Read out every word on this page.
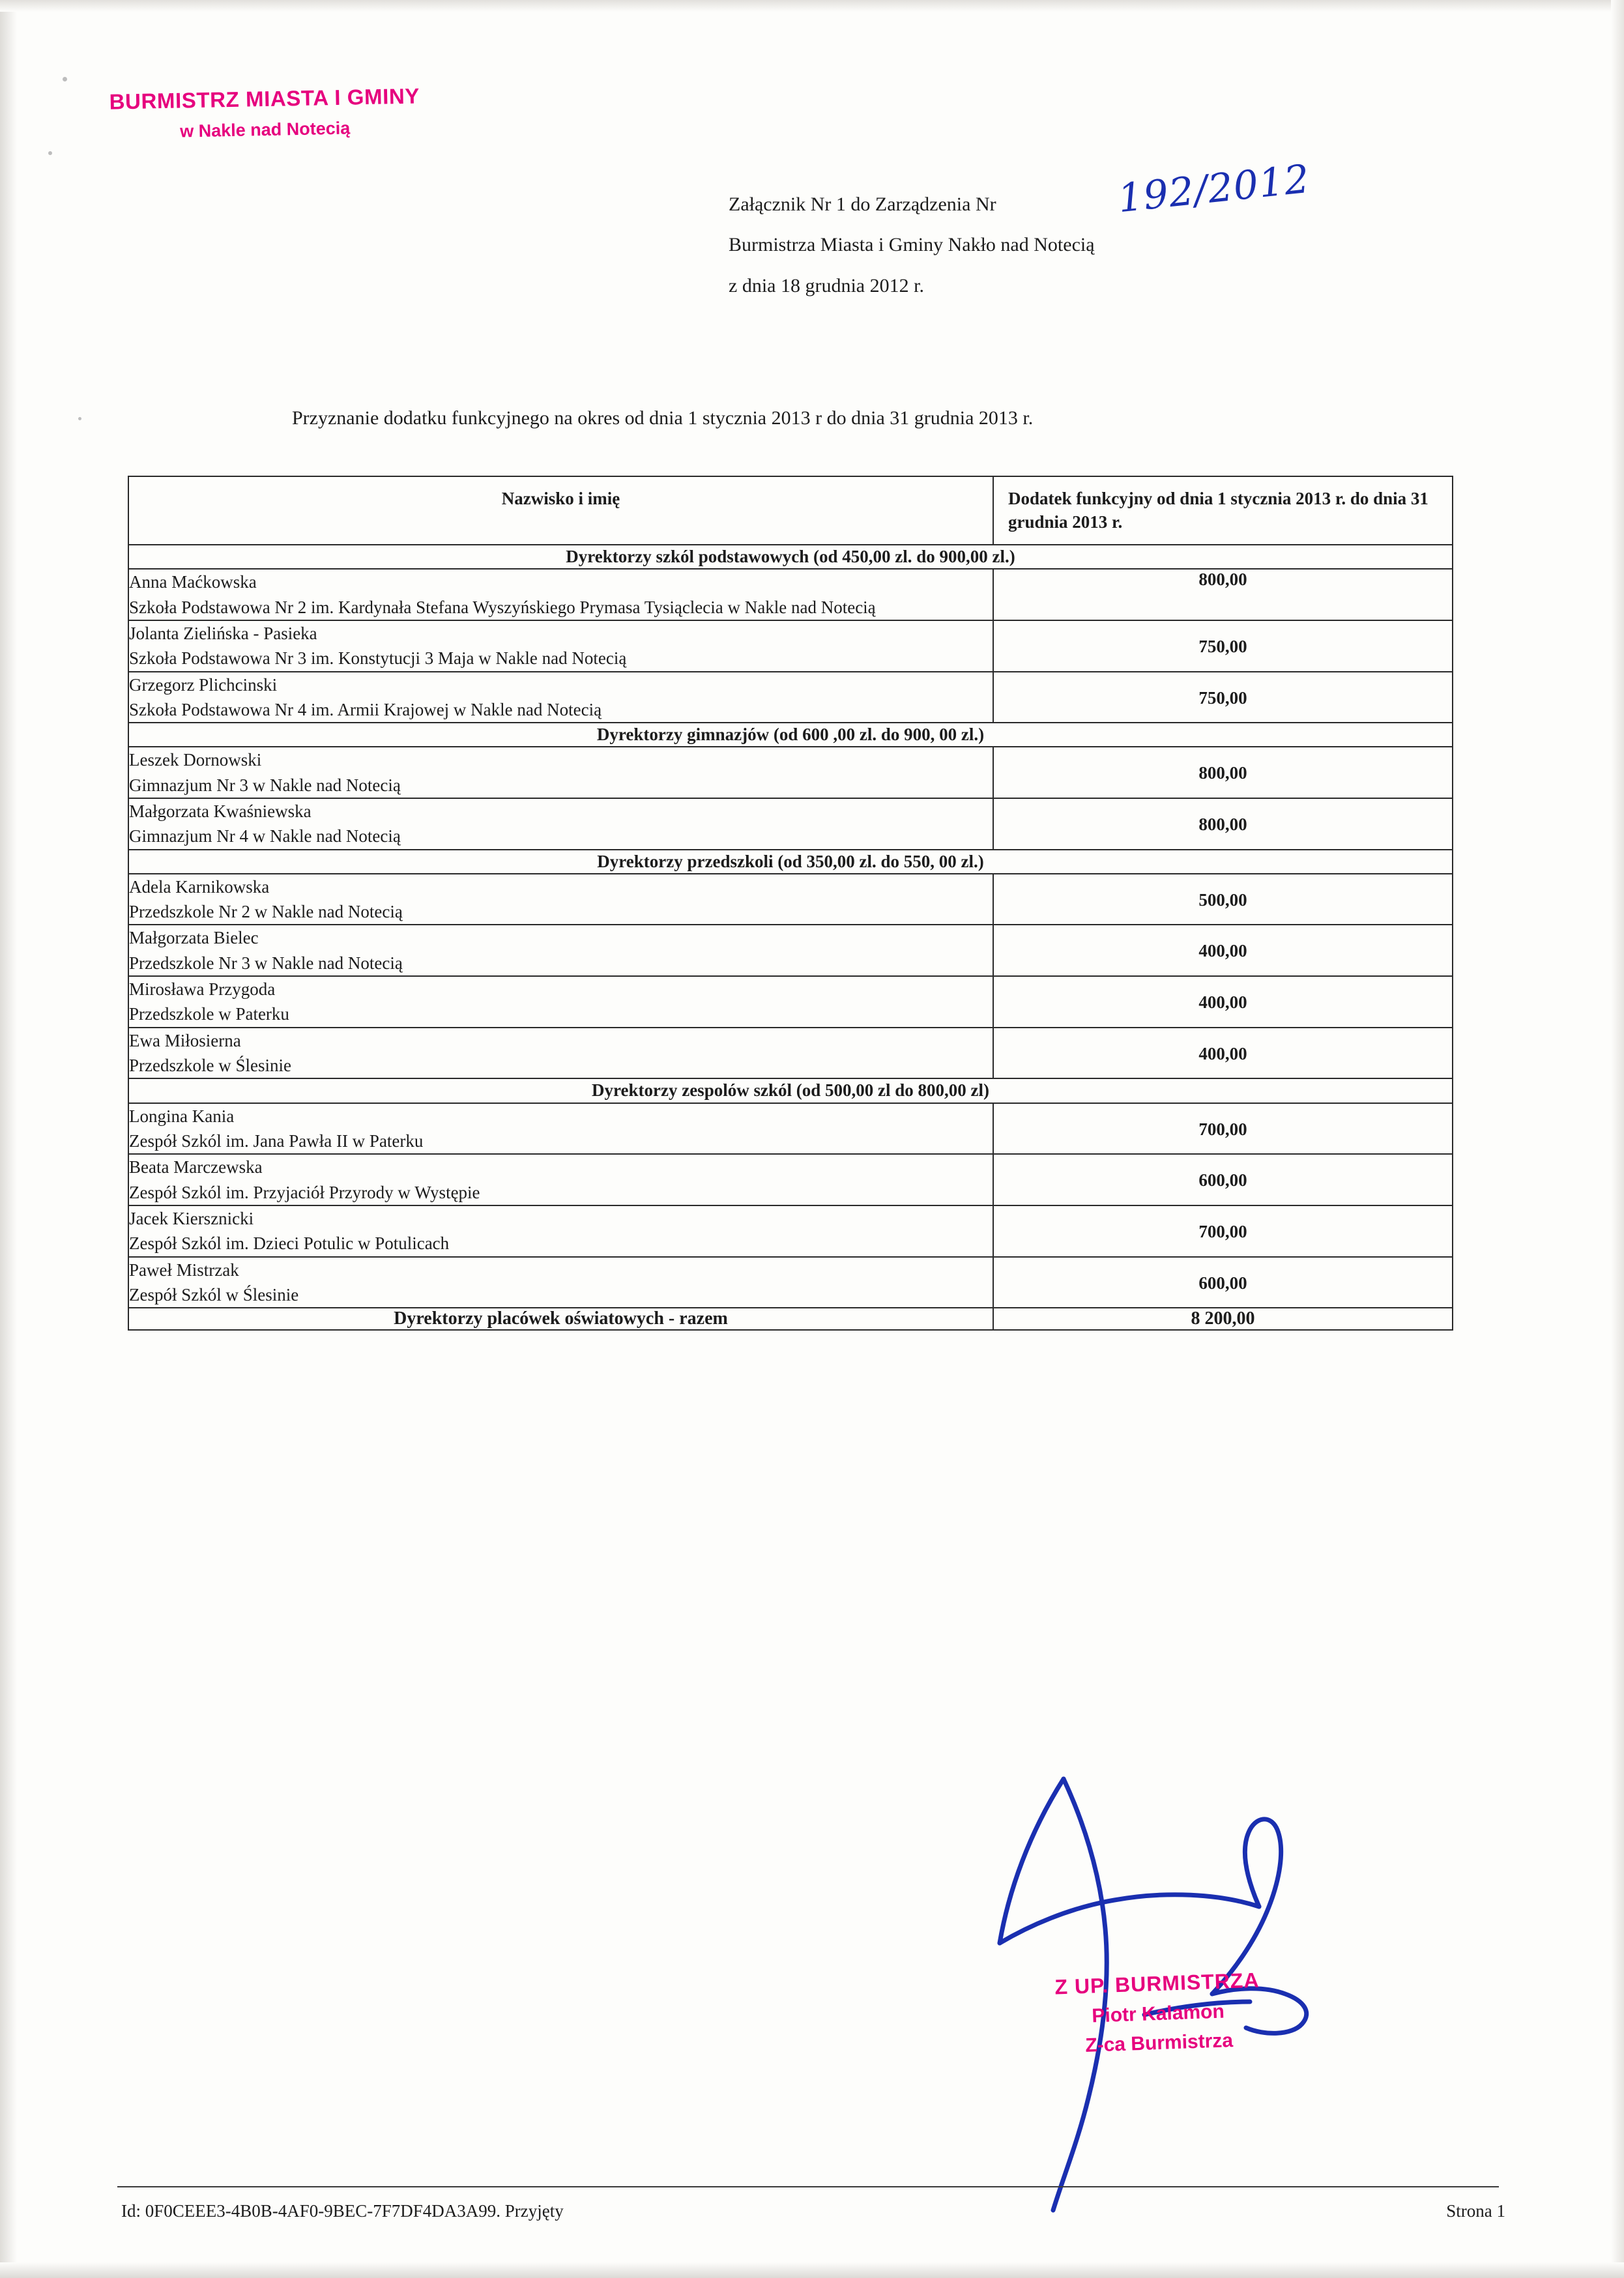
BURMISTRZ MIASTA I GMINY
w Nakle nad Notecią
Załącznik Nr 1 do Zarządzenia Nr
Burmistrza Miasta i Gminy Nakło nad Notecią
z dnia 18 grudnia 2012 r.
192/2012
Przyznanie dodatku funkcyjnego na okres od dnia 1 stycznia 2013 r do dnia 31 grudnia 2013 r.
Nazwisko i imię	Dodatek funkcyjny od dnia 1 stycznia 2013 r. do dnia 31 grudnia 2013 r.

Dyrektorzy szkól podstawowych (od 450,00 zl. do 900,00 zl.)	

Anna Maćkowska
Szkoła Podstawowa Nr 2 im. Kardynała Stefana Wyszyńskiego Prymasa Tysiąclecia w Nakle nad Notecią	800,00

Jolanta Zielińska - Pasieka
Szkoła Podstawowa Nr 3 im. Konstytucji 3 Maja w Nakle nad Notecią	750,00

Grzegorz Plichcinski
Szkoła Podstawowa Nr 4 im. Armii Krajowej w Nakle nad Notecią	750,00
Dyrektorzy gimnazjów (od 600 ,00 zl. do 900, 00 zl.)	

Leszek Dornowski
Gimnazjum Nr 3 w Nakle nad Notecią	800,00

Małgorzata Kwaśniewska
Gimnazjum Nr 4 w Nakle nad Notecią	800,00
Dyrektorzy przedszkoli (od 350,00 zl. do 550, 00 zl.)	

Adela Karnikowska
Przedszkole Nr 2 w Nakle nad Notecią	500,00

Małgorzata Bielec
Przedszkole Nr 3 w Nakle nad Notecią	400,00

Mirosława Przygoda
Przedszkole w Paterku	400,00

Ewa Miłosierna
Przedszkole w Ślesinie	400,00
Dyrektorzy zespolów szkól (od 500,00 zl do 800,00 zl)	

Longina Kania
Zespół Szkól im. Jana Pawła II w Paterku	700,00

Beata Marczewska
Zespół Szkól im. Przyjaciół Przyrody w Występie	600,00

Jacek Kiersznicki
Zespół Szkól im. Dzieci Potulic w Potulicach	700,00

Paweł Mistrzak
Zespół Szkól w Ślesinie	600,00
Dyrektorzy placówek oświatowych - razem	8 200,00
Z UP. BURMISTRZA
Piotr Kalamon
Z-ca Burmistrza
Id: 0F0CEEE3-4B0B-4AF0-9BEC-7F7DF4DA3A99. Przyjęty	Strona 1
